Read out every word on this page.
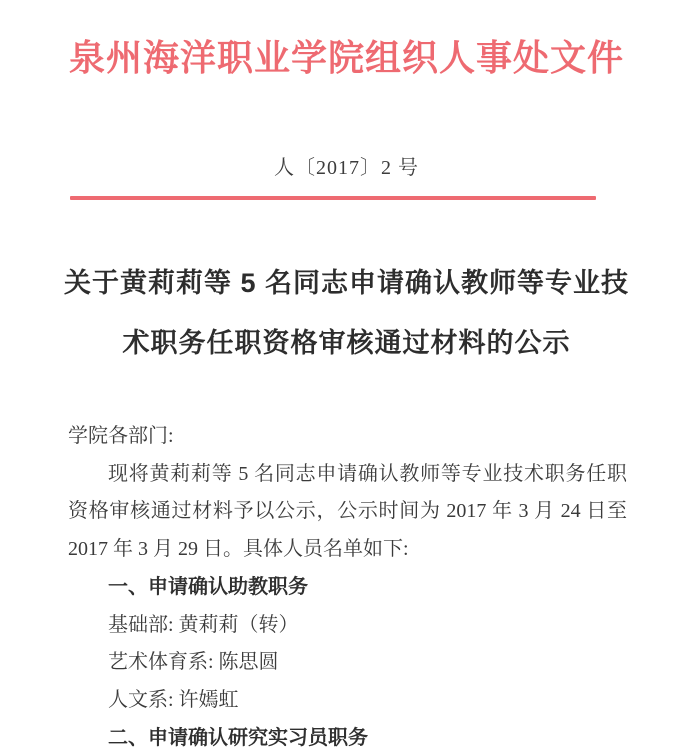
泉州海洋职业学院组织人事处文件
人〔2017〕2 号
关于黄莉莉等 5 名同志申请确认教师等专业技
术职务任职资格审核通过材料的公示

学院各部门:

现将黄莉莉等 5 名同志申请确认教师等专业技术职务任职资格审核通过材料予以公示，公示时间为 2017 年 3 月 24 日至 2017 年 3 月 29 日。具体人员名单如下:

一、申请确认助教职务

基础部: 黄莉莉（转）

艺术体育系: 陈思圆

人文系: 许嫣虹

二、申请确认研究实习员职务
